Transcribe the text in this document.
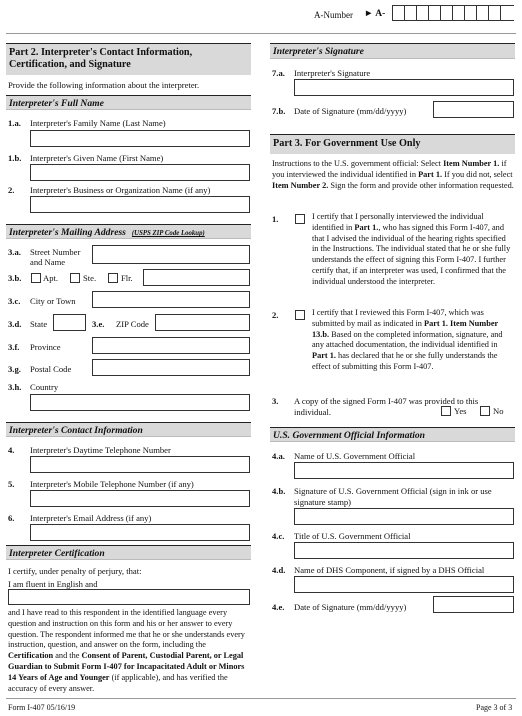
A-Number ► A-
Part 2. Interpreter's Contact Information,
Certification, and Signature
Provide the following information about the interpreter.
Interpreter's Full Name
1.a. Interpreter's Family Name (Last Name)
1.b. Interpreter's Given Name (First Name)
2. Interpreter's Business or Organization Name (if any)
Interpreter's Mailing Address (USPS ZIP Code Lookup)
3.a. Street Number
and Name
3.b.	Apt.	Ste.	Flr.
3.c. City or Town
3.d. State	3.e. ZIP Code
3.f. Province
3.g. Postal Code
3.h. Country
Interpreter's Contact Information
4. Interpreter's Daytime Telephone Number
5. Interpreter's Mobile Telephone Number (if any)
6. Interpreter's Email Address (if any)
Interpreter Certification
I certify, under penalty of perjury, that:
I am fluent in English and
and I have read to this respondent in the identified language every question and instruction on this form and his or her answer to every question. The respondent informed me that he or she understands every instruction, question, and answer on the form, including the Certification and the Consent of Parent, Custodial Parent, or Legal Guardian to Submit Form I-407 for Incapacitated Adult or Minors 14 Years of Age and Younger (if applicable), and has verified the accuracy of every answer.
Interpreter's Signature
7.a. Interpreter's Signature
7.b. Date of Signature (mm/dd/yyyy)
Part 3. For Government Use Only
Instructions to the U.S. government official: Select Item Number 1. if you interviewed the individual identified in Part 1. If you did not, select Item Number 2. Sign the form and provide other information requested.
1.	I certify that I personally interviewed the individual identified in Part 1., who has signed this Form I-407, and that I advised the individual of the hearing rights specified in the Instructions. The individual stated that he or she fully understands the effect of signing this Form I-407. I further certify that, if an interpreter was used, I confirmed that the individual understood the interpreter.
2.	I certify that I reviewed this Form I-407, which was submitted by mail as indicated in Part 1. Item Number 13.b. Based on the completed information, signature, and any attached documentation, the individual identified in Part 1. has declared that he or she fully understands the effect of submitting this Form I-407.
3. A copy of the signed Form I-407 was provided to this
individual.	Yes	No
U.S. Government Official Information
4.a. Name of U.S. Government Official
4.b. Signature of U.S. Government Official (sign in ink or use
signature stamp)
4.c. Title of U.S. Government Official
4.d. Name of DHS Component, if signed by a DHS Official
4.e. Date of Signature (mm/dd/yyyy)
Form I-407 05/16/19	Page 3 of 3
